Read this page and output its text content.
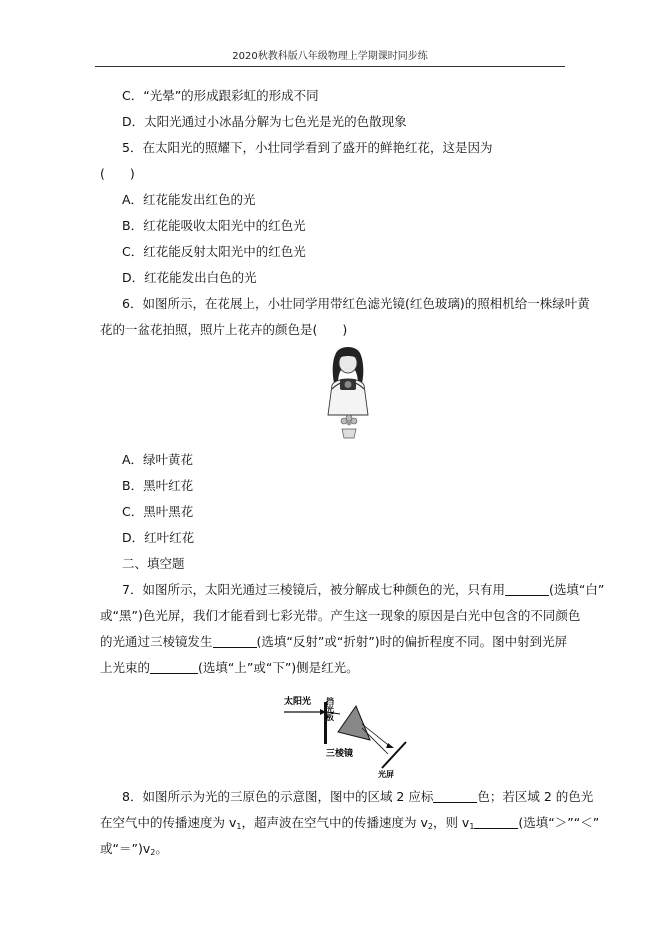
2020秋教科版八年级物理上学期课时同步练
C．“光晕”的形成跟彩虹的形成不同
D．太阳光通过小冰晶分解为七色光是光的色散现象
5．在太阳光的照耀下，小壮同学看到了盛开的鲜艳红花，这是因为
(　　)
A．红花能发出红色的光
B．红花能吸收太阳光中的红色光
C．红花能反射太阳光中的红色光
D．红花能发出白色的光
6．如图所示，在花展上，小壮同学用带红色滤光镜(红色玻璃)的照相机给一株绿叶黄
花的一盆花拍照，照片上花卉的颜色是(　　)
A．绿叶黄花
B．黑叶红花
C．黑叶黑花
D．红叶红花
二、填空题
7．如图所示，太阳光通过三棱镜后，被分解成七种颜色的光，只有用	(选填“白”
或“黑”)色光屏，我们才能看到七彩光带。产生这一现象的原因是白光中包含的不同颜色
的光通过三棱镜发生	(选填“反射”或“折射”)时的偏折程度不同。图中射到光屏
上光束的	(选填“上”或“下”)侧是红光。
太阳光 挡光板
三棱镜
光屏
8．如图所示为光的三原色的示意图，图中的区域 2 应标	色；若区域 2 的色光
在空气中的传播速度为 $v_1$，超声波在空气中的传播速度为 $v_2$，则 $v_1$	(选填“＞”“＜”
或“$=”)v_2$。
